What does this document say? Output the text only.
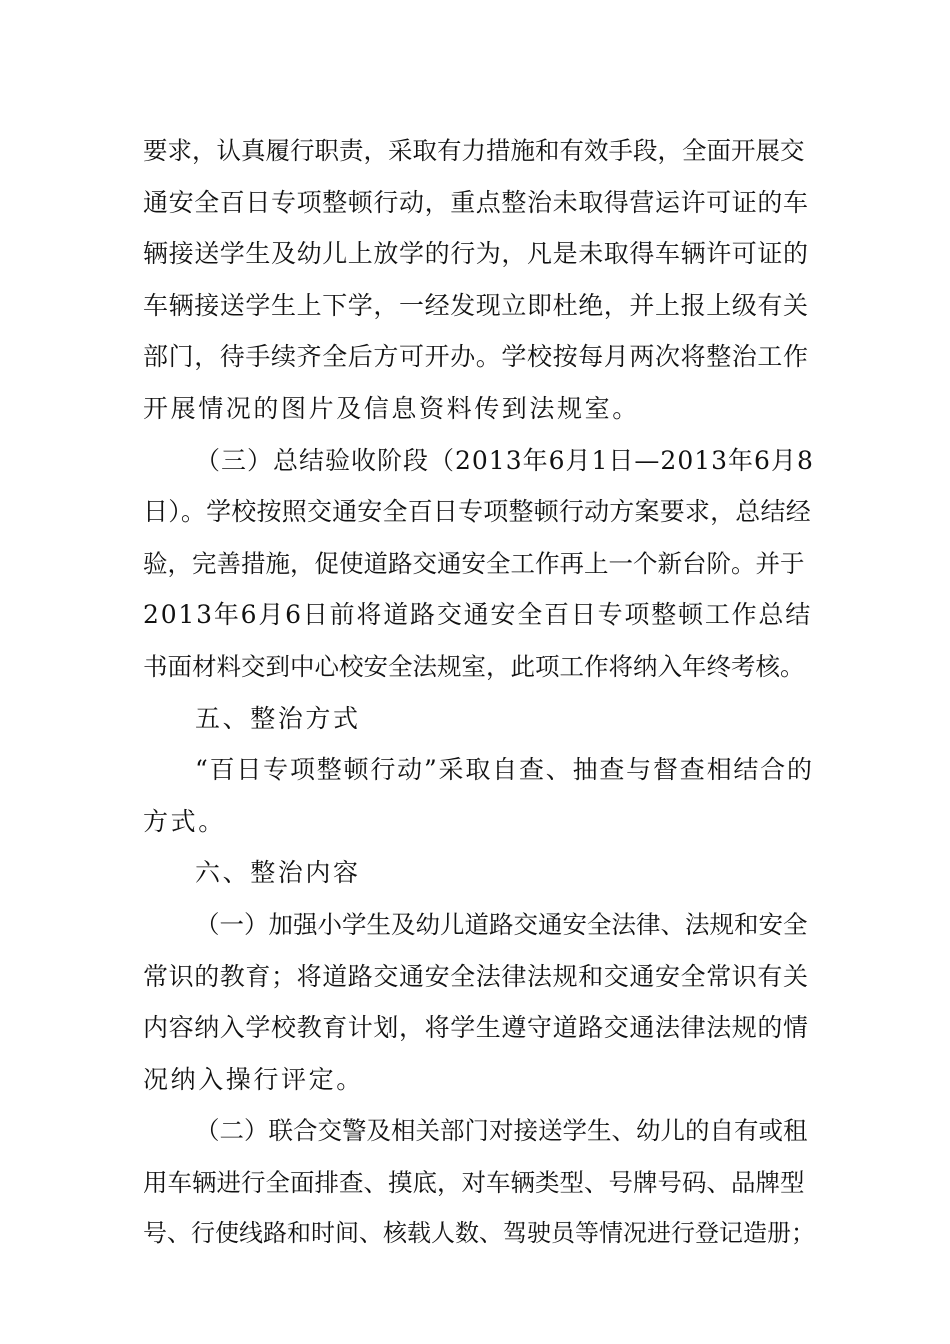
要求，认真履行职责，采取有力措施和有效手段，全面开展交
通安全百日专项整顿行动，重点整治未取得营运许可证的车
辆接送学生及幼儿上放学的行为，凡是未取得车辆许可证的
车辆接送学生上下学，一经发现立即杜绝，并上报上级有关
部门，待手续齐全后方可开办。学校按每月两次将整治工作
开展情况的图片及信息资料传到法规室。
（三）总结验收阶段（2013年6月1日—2013年6月8
日）。学校按照交通安全百日专项整顿行动方案要求，总结经
验，完善措施，促使道路交通安全工作再上一个新台阶。并于
2013年6月6日前将道路交通安全百日专项整顿工作总结
书面材料交到中心校安全法规室，此项工作将纳入年终考核。
五、整治方式
“百日专项整顿行动”采取自查、抽查与督查相结合的
方式。
六、整治内容
（一）加强小学生及幼儿道路交通安全法律、法规和安全
常识的教育；将道路交通安全法律法规和交通安全常识有关
内容纳入学校教育计划，将学生遵守道路交通法律法规的情
况纳入操行评定。
（二）联合交警及相关部门对接送学生、幼儿的自有或租
用车辆进行全面排查、摸底，对车辆类型、号牌号码、品牌型
号、行使线路和时间、核载人数、驾驶员等情况进行登记造册；
